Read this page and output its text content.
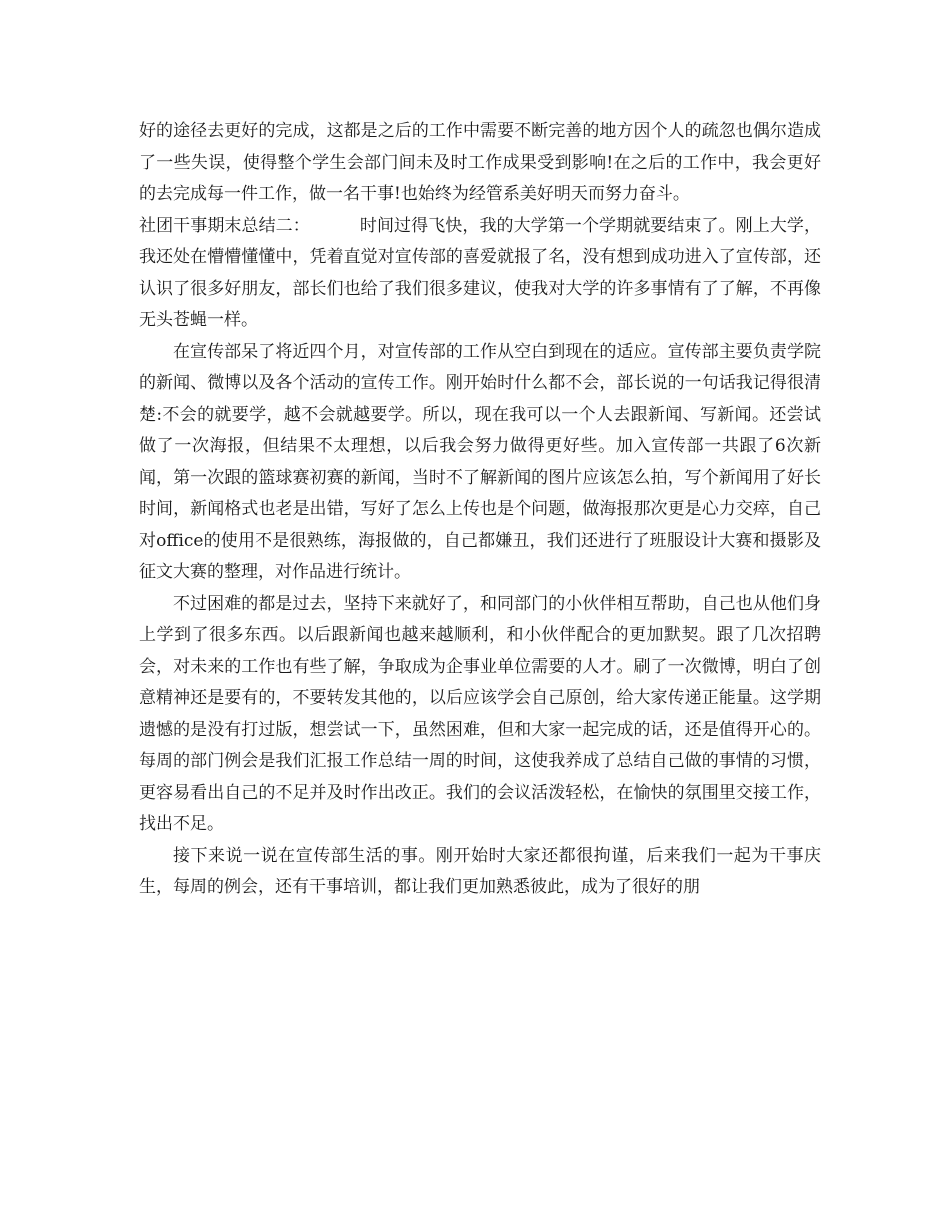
好的途径去更好的完成，这都是之后的工作中需要不断完善的地方因个人的疏忽也偶尔造成了一些失误，使得整个学生会部门间未及时工作成果受到影响!在之后的工作中，我会更好的去完成每一件工作，做一名干事!也始终为经管系美好明天而努力奋斗。

社团干事期末总结二：	时间过得飞快，我的大学第一个学期就要结束了。刚上大学，我还处在懵懵懂懂中，凭着直觉对宣传部的喜爱就报了名，没有想到成功进入了宣传部，还认识了很多好朋友，部长们也给了我们很多建议，使我对大学的许多事情有了了解，不再像无头苍蝇一样。

在宣传部呆了将近四个月，对宣传部的工作从空白到现在的适应。宣传部主要负责学院的新闻、微博以及各个活动的宣传工作。刚开始时什么都不会，部长说的一句话我记得很清楚:不会的就要学，越不会就越要学。所以，现在我可以一个人去跟新闻、写新闻。还尝试做了一次海报，但结果不太理想，以后我会努力做得更好些。加入宣传部一共跟了6次新闻，第一次跟的篮球赛初赛的新闻，当时不了解新闻的图片应该怎么拍，写个新闻用了好长时间，新闻格式也老是出错，写好了怎么上传也是个问题，做海报那次更是心力交瘁，自己对office的使用不是很熟练，海报做的，自己都嫌丑，我们还进行了班服设计大赛和摄影及征文大赛的整理，对作品进行统计。

不过困难的都是过去，坚持下来就好了，和同部门的小伙伴相互帮助，自己也从他们身上学到了很多东西。以后跟新闻也越来越顺利，和小伙伴配合的更加默契。跟了几次招聘会，对未来的工作也有些了解，争取成为企事业单位需要的人才。刷了一次微博，明白了创意精神还是要有的，不要转发其他的，以后应该学会自己原创，给大家传递正能量。这学期遗憾的是没有打过版，想尝试一下，虽然困难，但和大家一起完成的话，还是值得开心的。每周的部门例会是我们汇报工作总结一周的时间，这使我养成了总结自己做的事情的习惯，更容易看出自己的不足并及时作出改正。我们的会议活泼轻松，在愉快的氛围里交接工作，找出不足。

接下来说一说在宣传部生活的事。刚开始时大家还都很拘谨，后来我们一起为干事庆生，每周的例会，还有干事培训，都让我们更加熟悉彼此，成为了很好的朋
